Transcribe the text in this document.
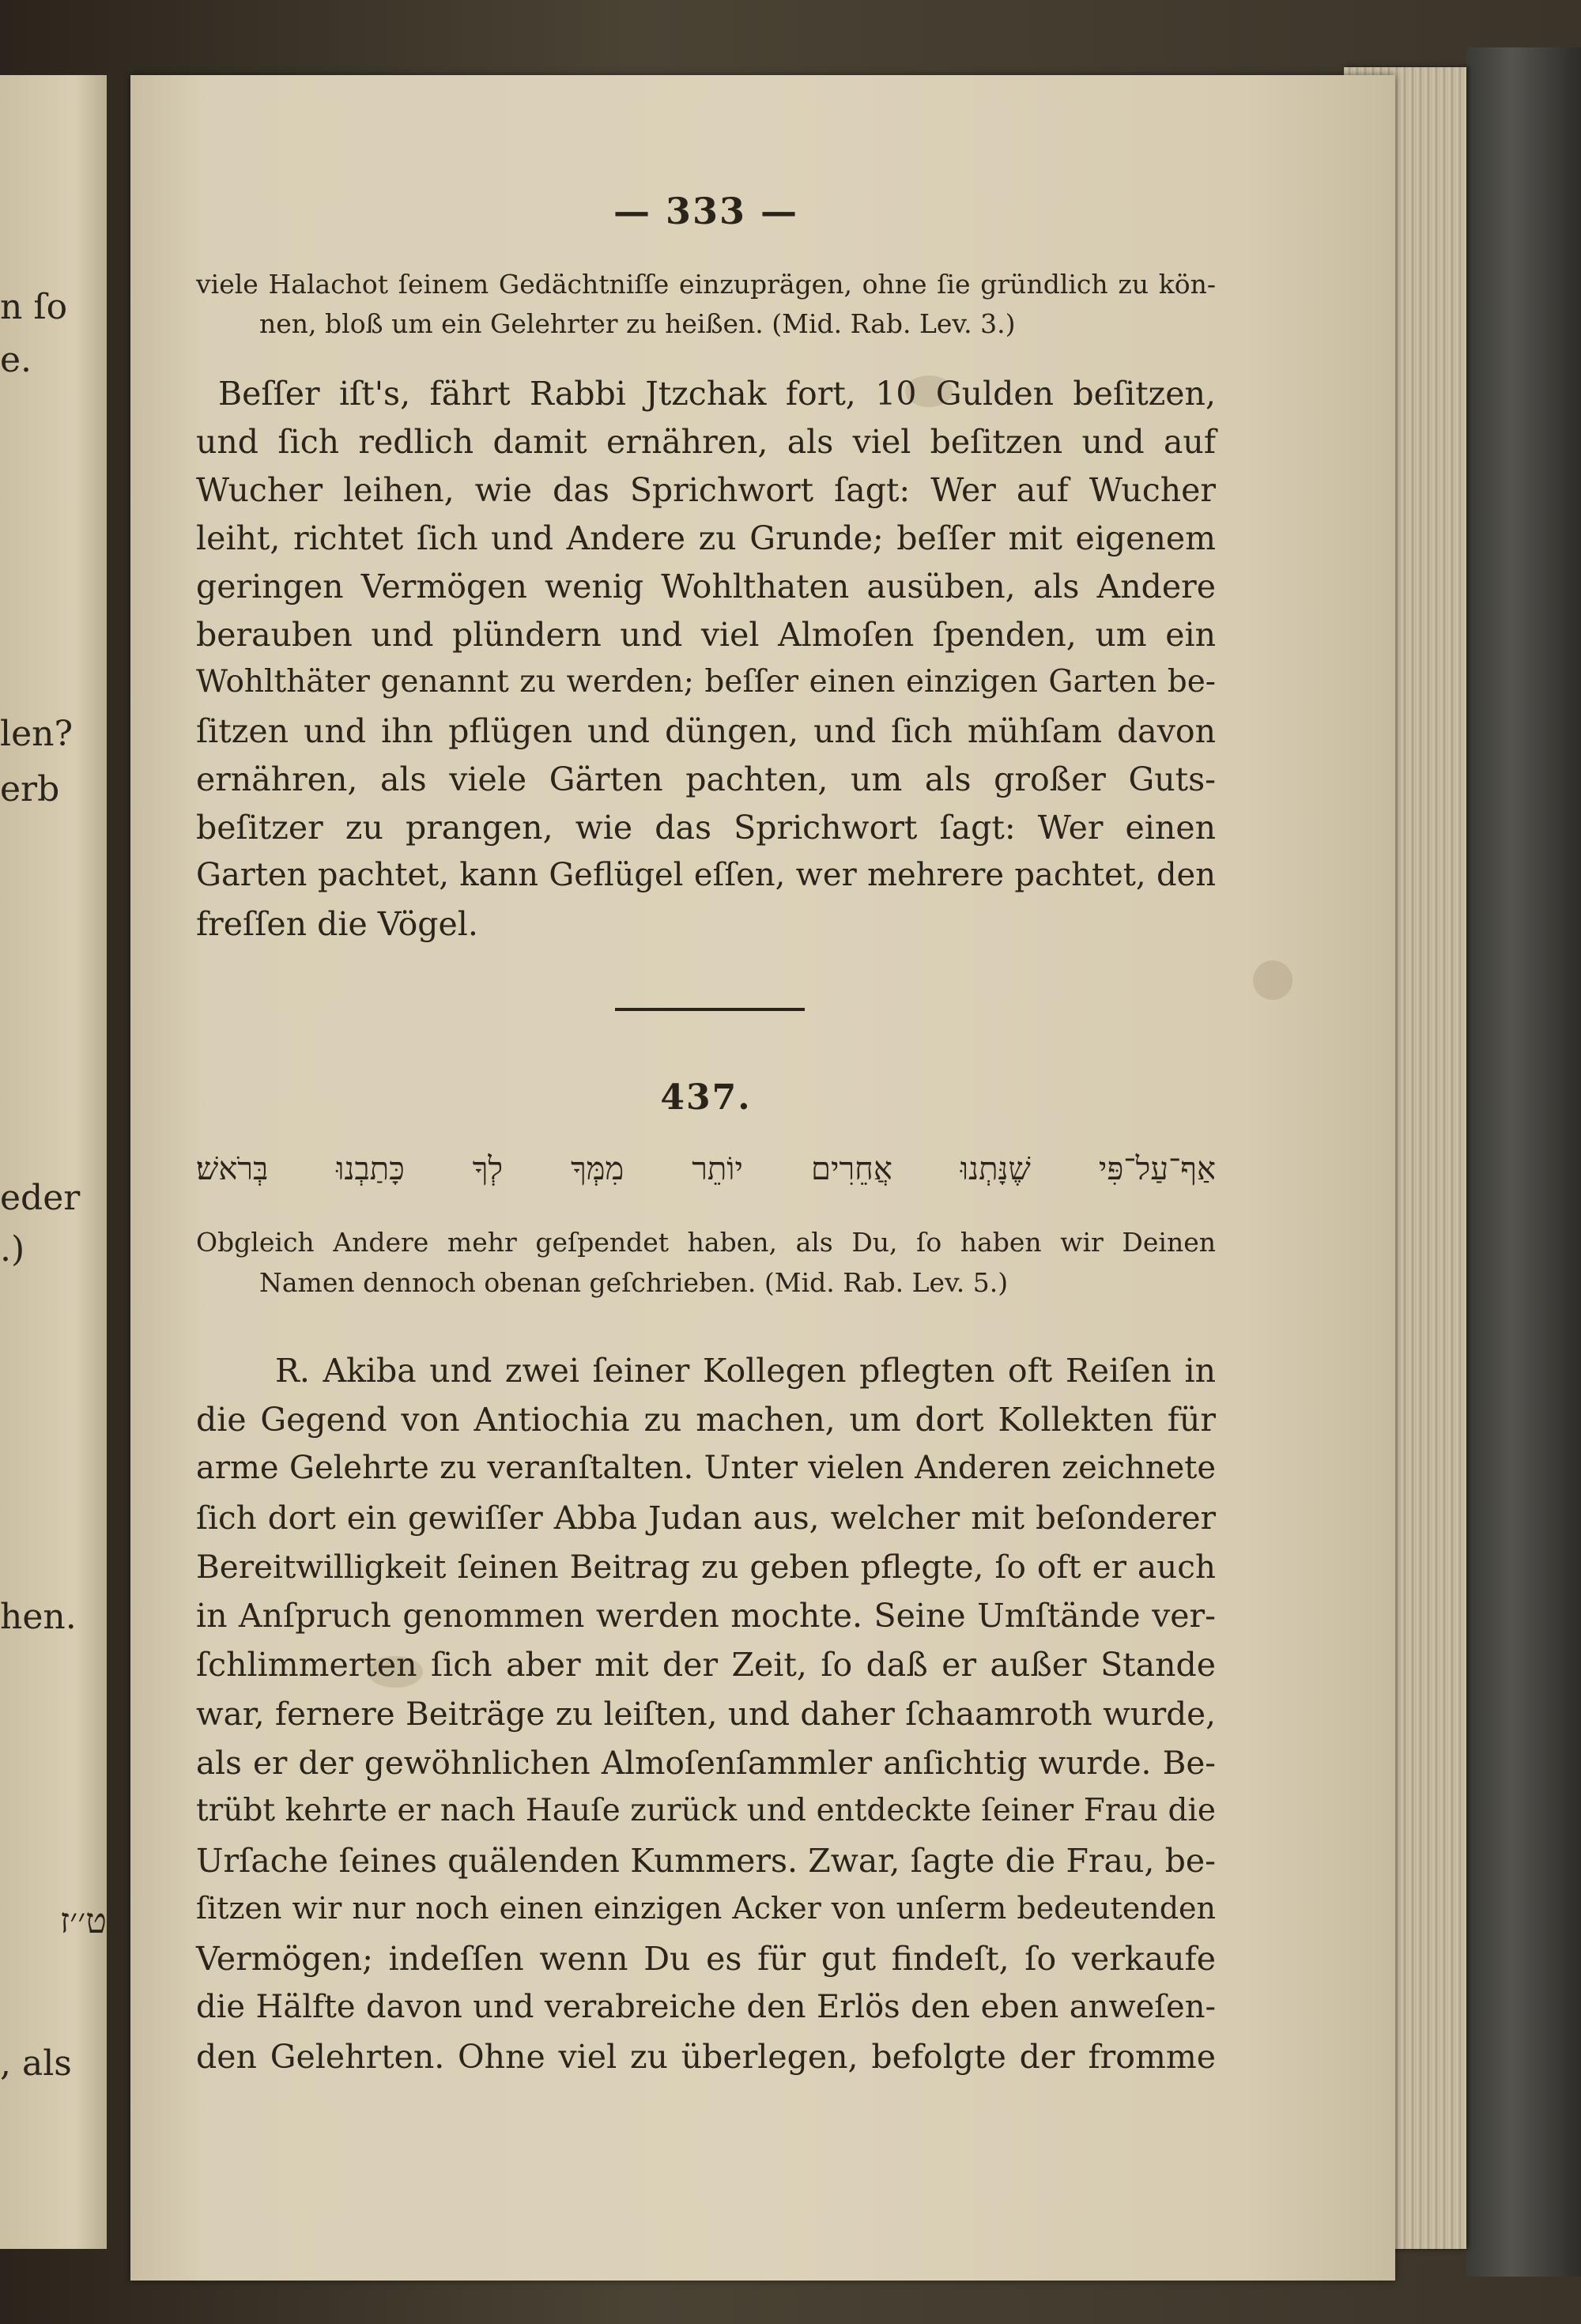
n ſo
e.
len?
erb
eder
.)
hen.
ט׳׳ז
, als
— 333 —
viele Halachot ſeinem Gedächtniſſe einzuprägen, ohne ſie gründlich zu kön-
nen, bloß um ein Gelehrter zu heißen. (Mid. Rab. Lev. 3.)
Beſſer iſt's, fährt Rabbi Jtzchak fort, 10 Gulden beſitzen,
und ſich redlich damit ernähren, als viel beſitzen und auf
Wucher leihen, wie das Sprichwort ſagt: Wer auf Wucher
leiht, richtet ſich und Andere zu Grunde; beſſer mit eigenem
geringen Vermögen wenig Wohlthaten ausüben, als Andere
berauben und plündern und viel Almoſen ſpenden, um ein
Wohlthäter genannt zu werden; beſſer einen einzigen Garten be-
ſitzen und ihn pflügen und düngen, und ſich mühſam davon
ernähren, als viele Gärten pachten, um als großer Guts-
beſitzer zu prangen, wie das Sprichwort ſagt: Wer einen
Garten pachtet, kann Geflügel eſſen, wer mehrere pachtet, den
freſſen die Vögel.
437.
אַף־עַל־פִּי שֶׁנָּתְנוּ אֲחֵרִים יוֹתֵר מִמְּךָ לְךָ כָּתַבְנוּ בְּרֹאשׁ׃
Obgleich Andere mehr geſpendet haben, als Du, ſo haben wir Deinen
Namen dennoch obenan geſchrieben. (Mid. Rab. Lev. 5.)
R. Akiba und zwei ſeiner Kollegen pflegten oft Reiſen in
die Gegend von Antiochia zu machen, um dort Kollekten für
arme Gelehrte zu veranſtalten. Unter vielen Anderen zeichnete
ſich dort ein gewiſſer Abba Judan aus, welcher mit beſonderer
Bereitwilligkeit ſeinen Beitrag zu geben pflegte, ſo oft er auch
in Anſpruch genommen werden mochte. Seine Umſtände ver-
ſchlimmerten ſich aber mit der Zeit, ſo daß er außer Stande
war, fernere Beiträge zu leiſten, und daher ſchaamroth wurde,
als er der gewöhnlichen Almoſenſammler anſichtig wurde. Be-
trübt kehrte er nach Hauſe zurück und entdeckte ſeiner Frau die
Urſache ſeines quälenden Kummers. Zwar, ſagte die Frau, be-
ſitzen wir nur noch einen einzigen Acker von unſerm bedeutenden
Vermögen; indeſſen wenn Du es für gut findeſt, ſo verkaufe
die Hälfte davon und verabreiche den Erlös den eben anweſen-
den Gelehrten. Ohne viel zu überlegen, befolgte der fromme
